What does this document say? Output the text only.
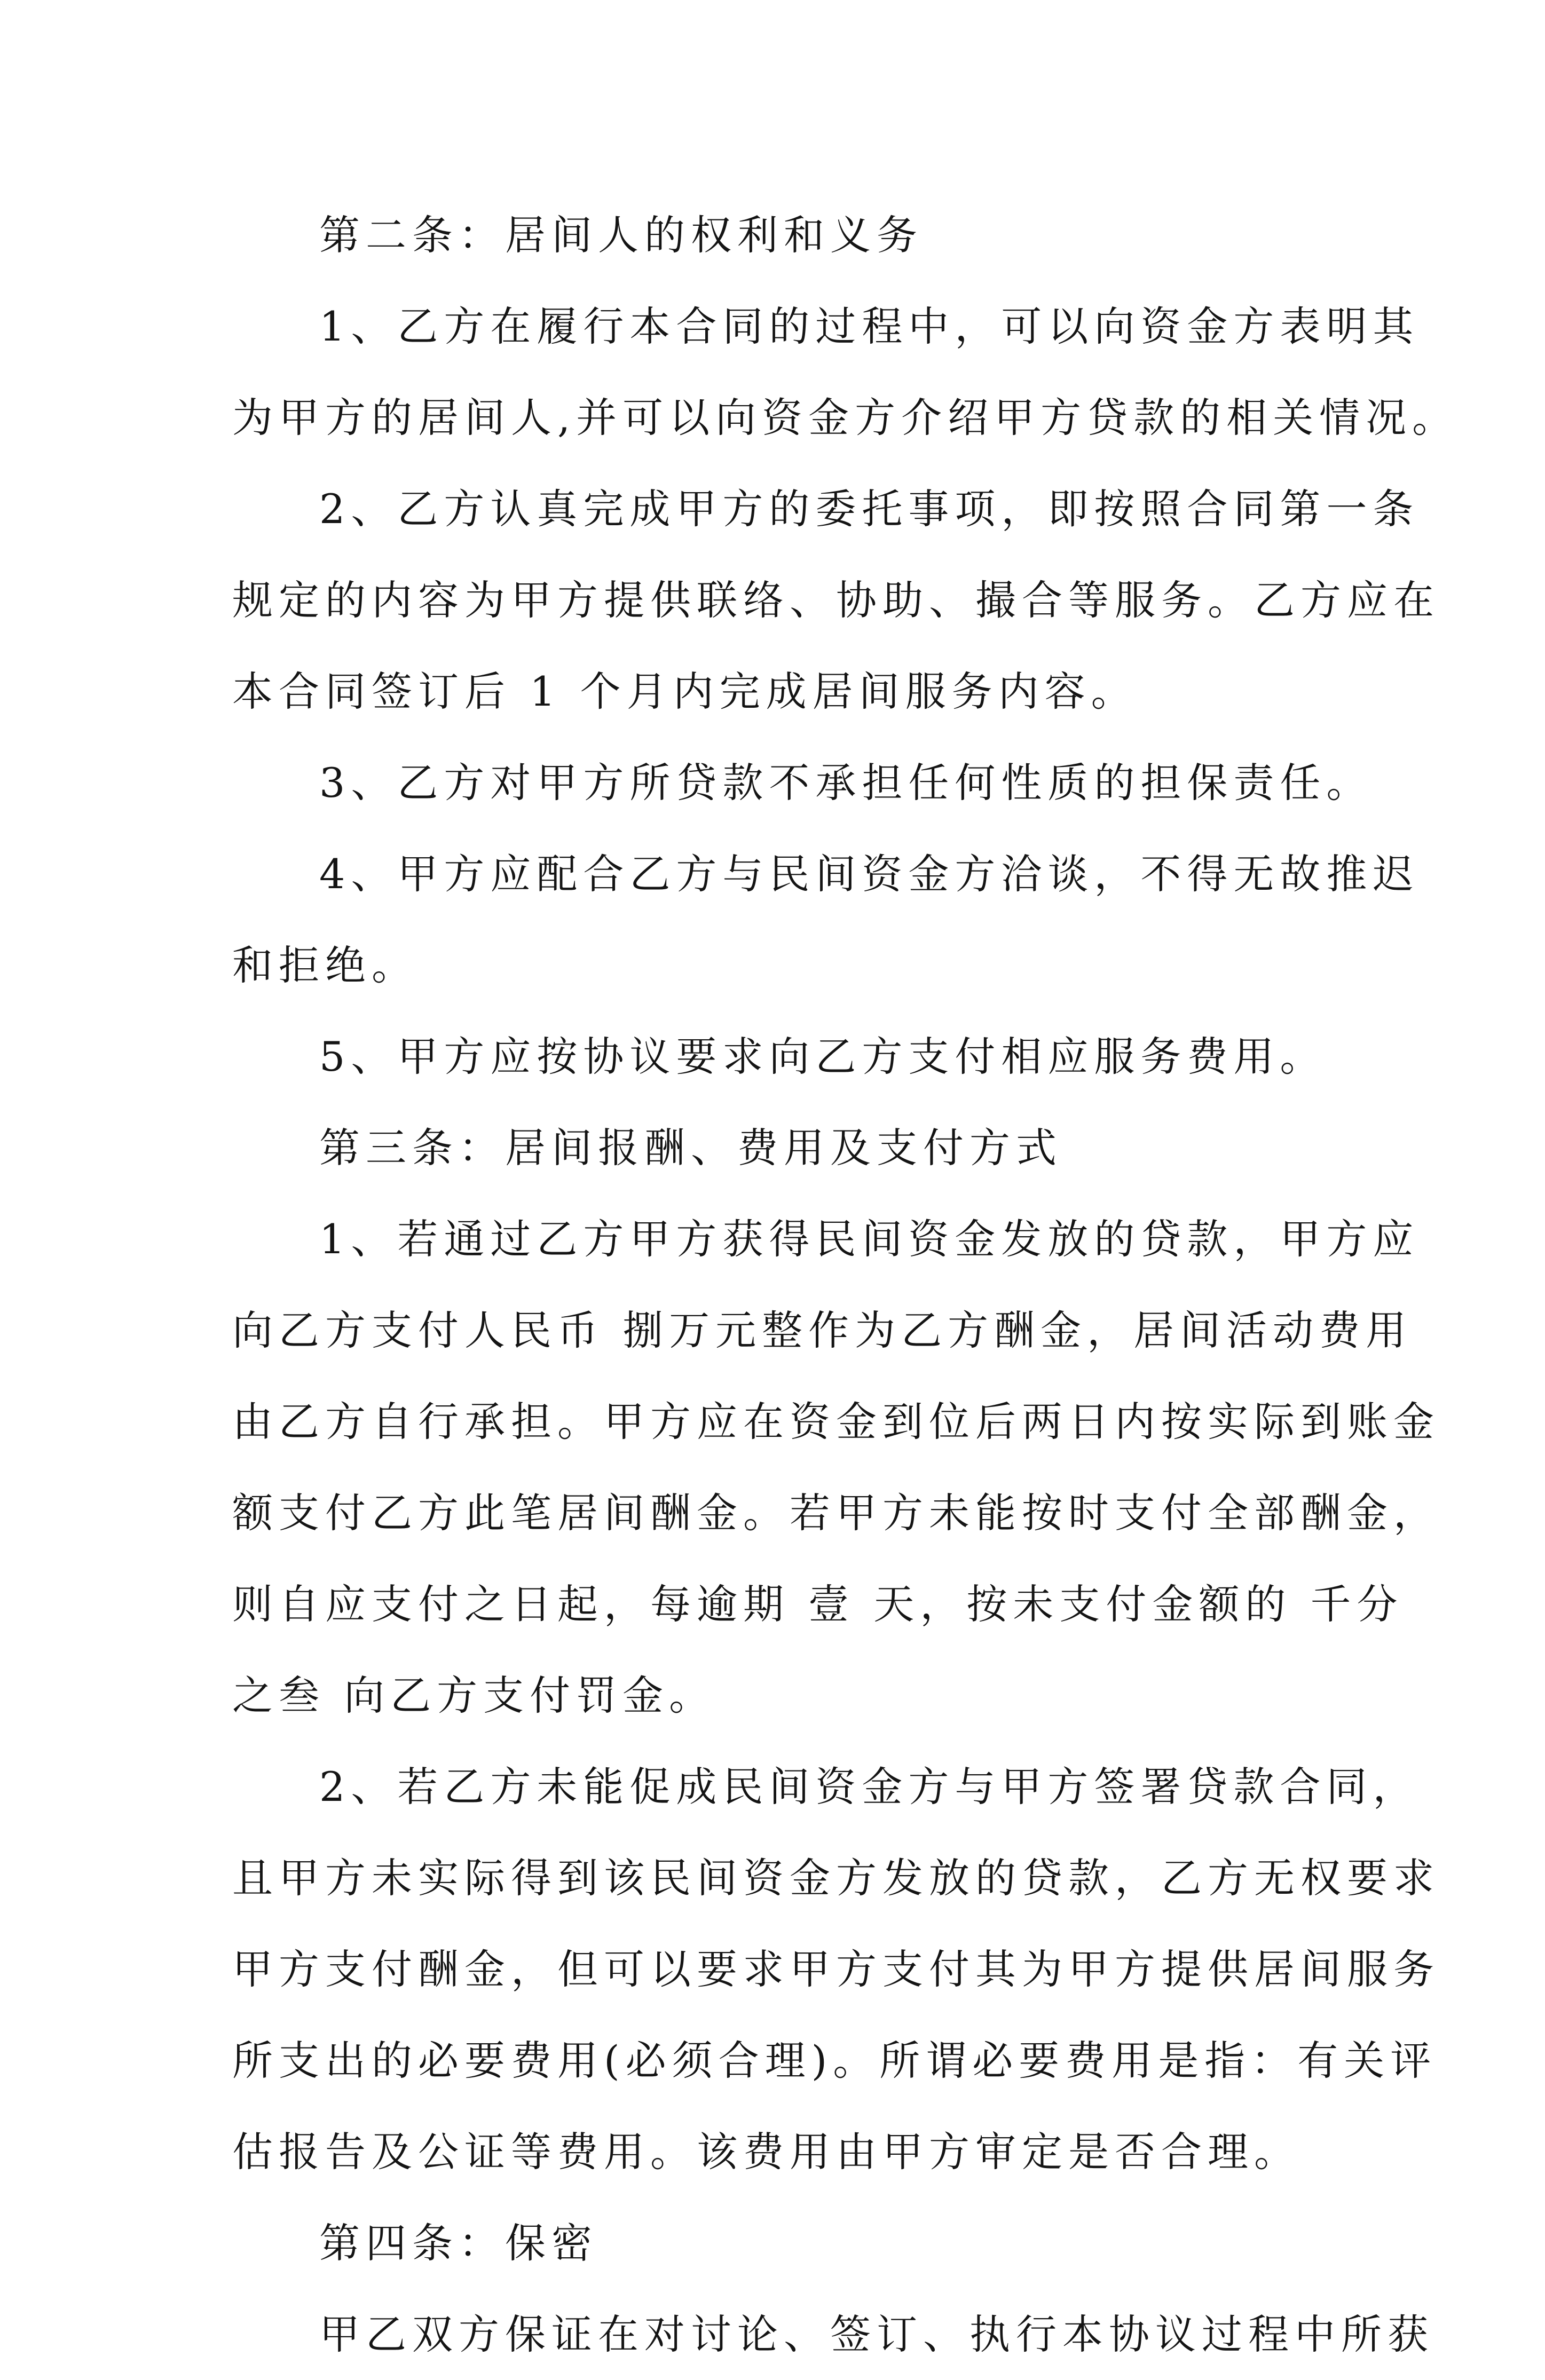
第二条：居间人的权利和义务
1、乙方在履行本合同的过程中，可以向资金方表明其
为甲方的居间人,并可以向资金方介绍甲方贷款的相关情况。
2、乙方认真完成甲方的委托事项，即按照合同第一条
规定的内容为甲方提供联络、协助、撮合等服务。乙方应在
本合同签订后 1 个月内完成居间服务内容。
3、乙方对甲方所贷款不承担任何性质的担保责任。
4、甲方应配合乙方与民间资金方洽谈，不得无故推迟
和拒绝。
5、甲方应按协议要求向乙方支付相应服务费用。
第三条：居间报酬、费用及支付方式
1、若通过乙方甲方获得民间资金发放的贷款，甲方应
向乙方支付人民币 捌万元整作为乙方酬金，居间活动费用
由乙方自行承担。甲方应在资金到位后两日内按实际到账金
额支付乙方此笔居间酬金。若甲方未能按时支付全部酬金，
则自应支付之日起，每逾期 壹 天，按未支付金额的 千分
之叁 向乙方支付罚金。
2、若乙方未能促成民间资金方与甲方签署贷款合同，
且甲方未实际得到该民间资金方发放的贷款，乙方无权要求
甲方支付酬金，但可以要求甲方支付其为甲方提供居间服务
所支出的必要费用(必须合理)。所谓必要费用是指：有关评
估报告及公证等费用。该费用由甲方审定是否合理。
第四条：保密
甲乙双方保证在对讨论、签订、执行本协议过程中所获
